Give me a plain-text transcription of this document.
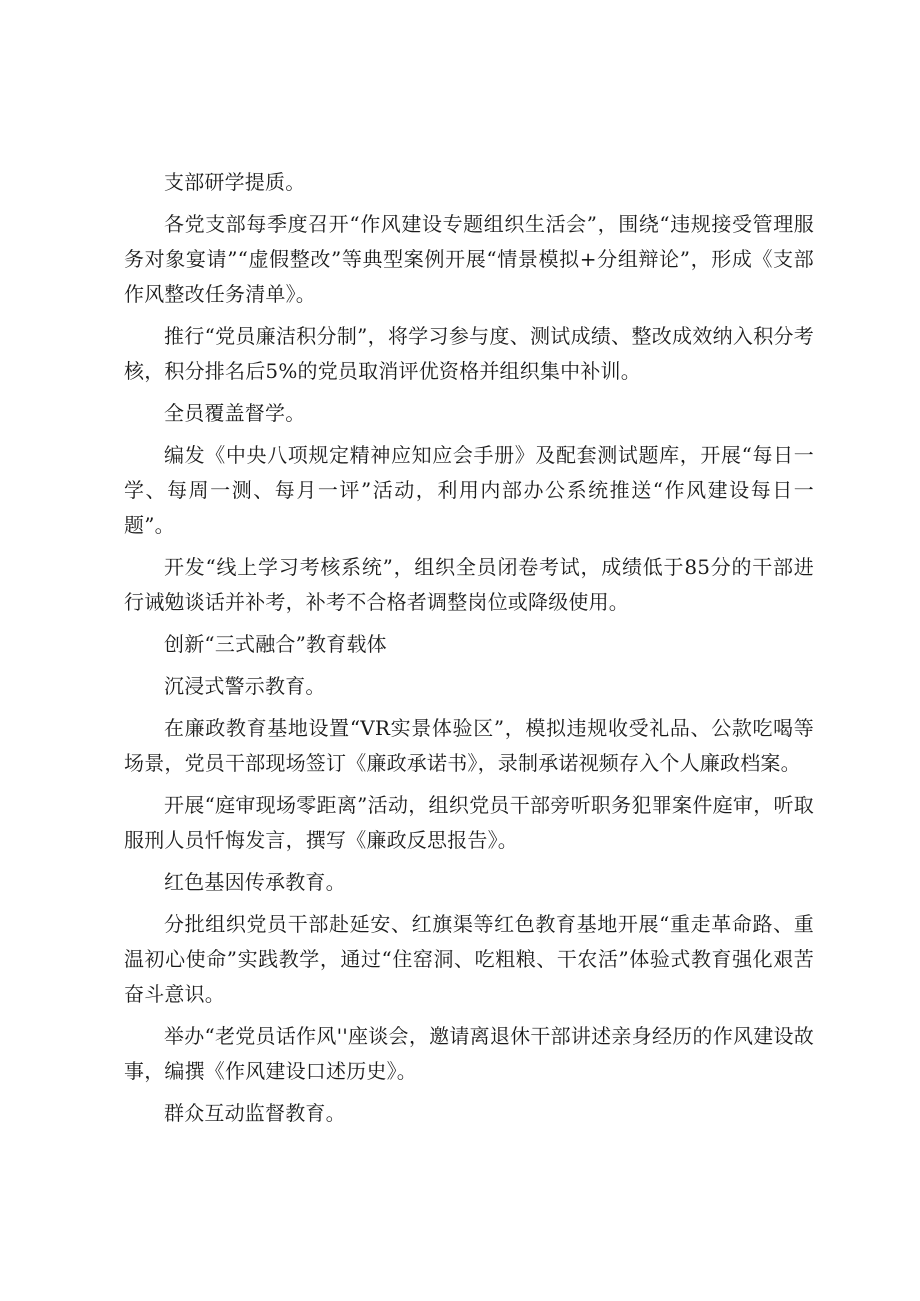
支部研学提质。

各党支部每季度召开“作风建设专题组织生活会”，围绕“违规接受管理服务对象宴请”“虚假整改”等典型案例开展“情景模拟+分组辩论”，形成《支部作风整改任务清单》。

推行“党员廉洁积分制”，将学习参与度、测试成绩、整改成效纳入积分考核，积分排名后5%的党员取消评优资格并组织集中补训。

全员覆盖督学。

编发《中央八项规定精神应知应会手册》及配套测试题库，开展“每日一学、每周一测、每月一评”活动，利用内部办公系统推送“作风建设每日一题”。

开发“线上学习考核系统”，组织全员闭卷考试，成绩低于85分的干部进行诫勉谈话并补考，补考不合格者调整岗位或降级使用。

创新“三式融合”教育载体

沉浸式警示教育。

在廉政教育基地设置“VR实景体验区”，模拟违规收受礼品、公款吃喝等场景，党员干部现场签订《廉政承诺书》，录制承诺视频存入个人廉政档案。

开展“庭审现场零距离”活动，组织党员干部旁听职务犯罪案件庭审，听取服刑人员忏悔发言，撰写《廉政反思报告》。

红色基因传承教育。

分批组织党员干部赴延安、红旗渠等红色教育基地开展“重走革命路、重温初心使命”实践教学，通过“住窑洞、吃粗粮、干农活”体验式教育强化艰苦奋斗意识。

举办“老党员话作风''座谈会，邀请离退休干部讲述亲身经历的作风建设故事，编撰《作风建设口述历史》。

群众互动监督教育。
